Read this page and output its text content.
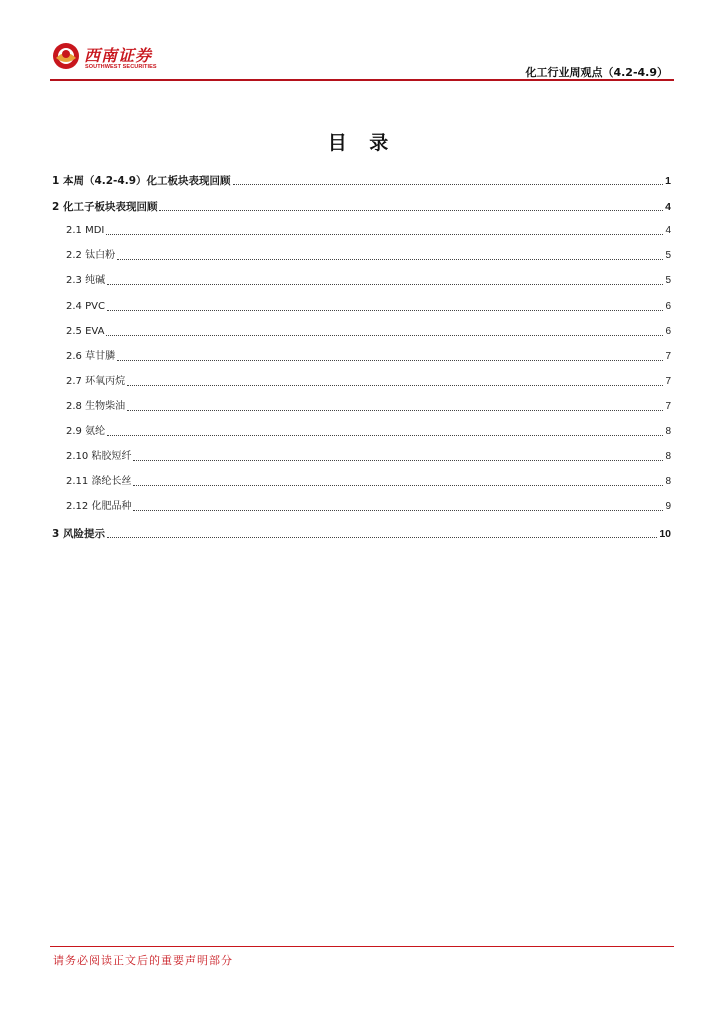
西南证券
SOUTHWEST SECURITIES	化工行业周观点（4.2-4.9）
目 录
1 本周（4.2-4.9）化工板块表现回顾	1
2 化工子板块表现回顾	4
2.1 MDI	4
2.2 钛白粉	5
2.3 纯碱	5
2.4 PVC	6
2.5 EVA	6
2.6 草甘膦	7
2.7 环氧丙烷	7
2.8 生物柴油	7
2.9 氨纶	8
2.10 粘胶短纤	8
2.11 涤纶长丝	8
2.12 化肥品种	9
3 风险提示	10
请务必阅读正文后的重要声明部分
